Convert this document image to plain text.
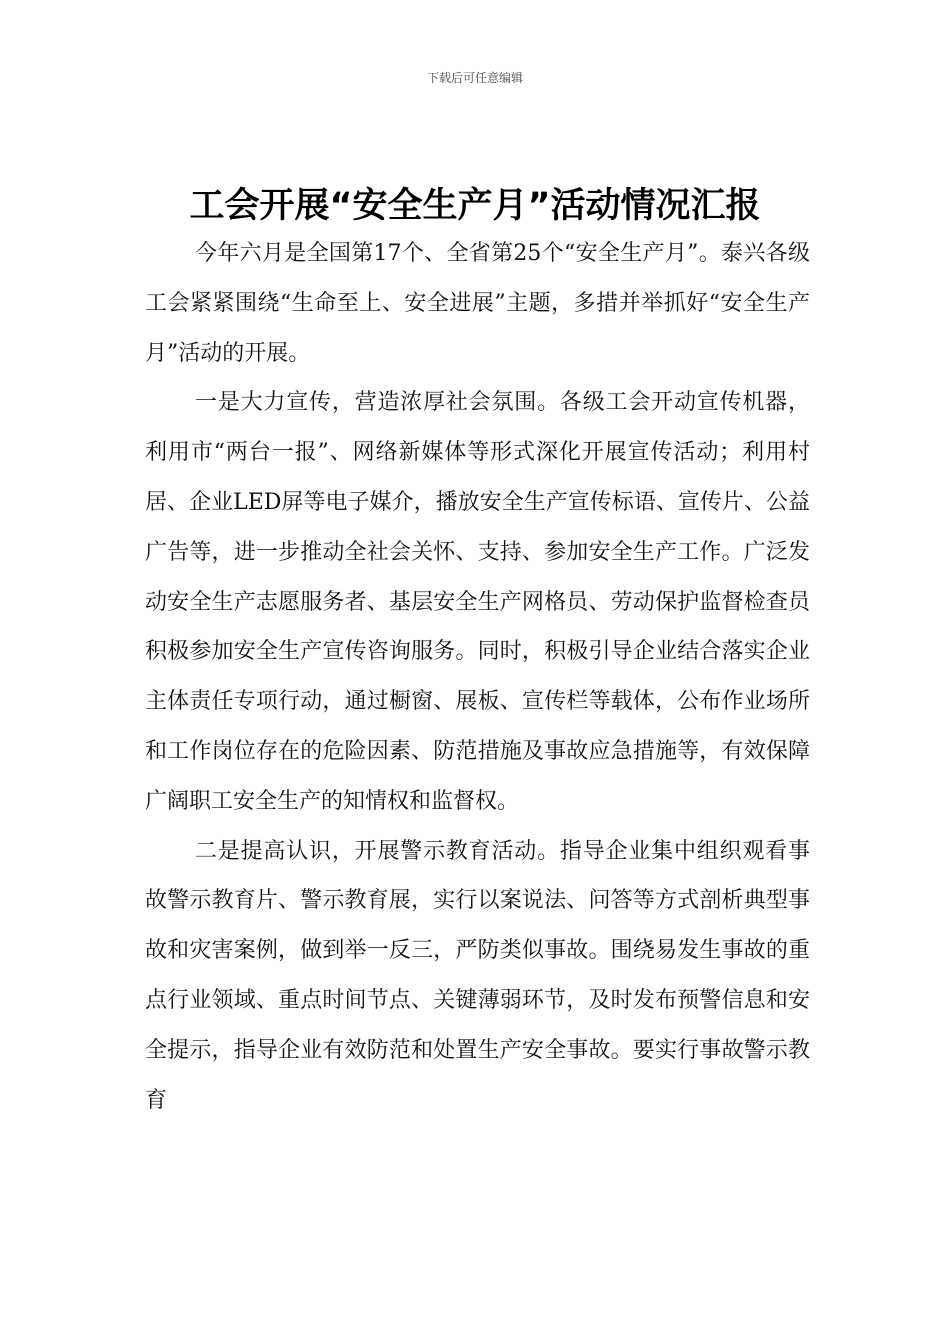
下载后可任意编辑
工会开展“安全生产月”活动情况汇报

今年六月是全国第17个、全省第25个“安全生产月”。泰兴各级工会紧紧围绕“生命至上、安全进展”主题，多措并举抓好“安全生产月”活动的开展。

一是大力宣传，营造浓厚社会氛围。各级工会开动宣传机器，利用市“两台一报”、网络新媒体等形式深化开展宣传活动；利用村居、企业LED屏等电子媒介，播放安全生产宣传标语、宣传片、公益广告等，进一步推动全社会关怀、支持、参加安全生产工作。广泛发动安全生产志愿服务者、基层安全生产网格员、劳动保护监督检查员积极参加安全生产宣传咨询服务。同时，积极引导企业结合落实企业主体责任专项行动，通过橱窗、展板、宣传栏等载体，公布作业场所和工作岗位存在的危险因素、防范措施及事故应急措施等，有效保障广阔职工安全生产的知情权和监督权。

二是提高认识，开展警示教育活动。指导企业集中组织观看事故警示教育片、警示教育展，实行以案说法、问答等方式剖析典型事故和灾害案例，做到举一反三，严防类似事故。围绕易发生事故的重点行业领域、重点时间节点、关键薄弱环节，及时发布预警信息和安全提示，指导企业有效防范和处置生产安全事故。要实行事故警示教育
